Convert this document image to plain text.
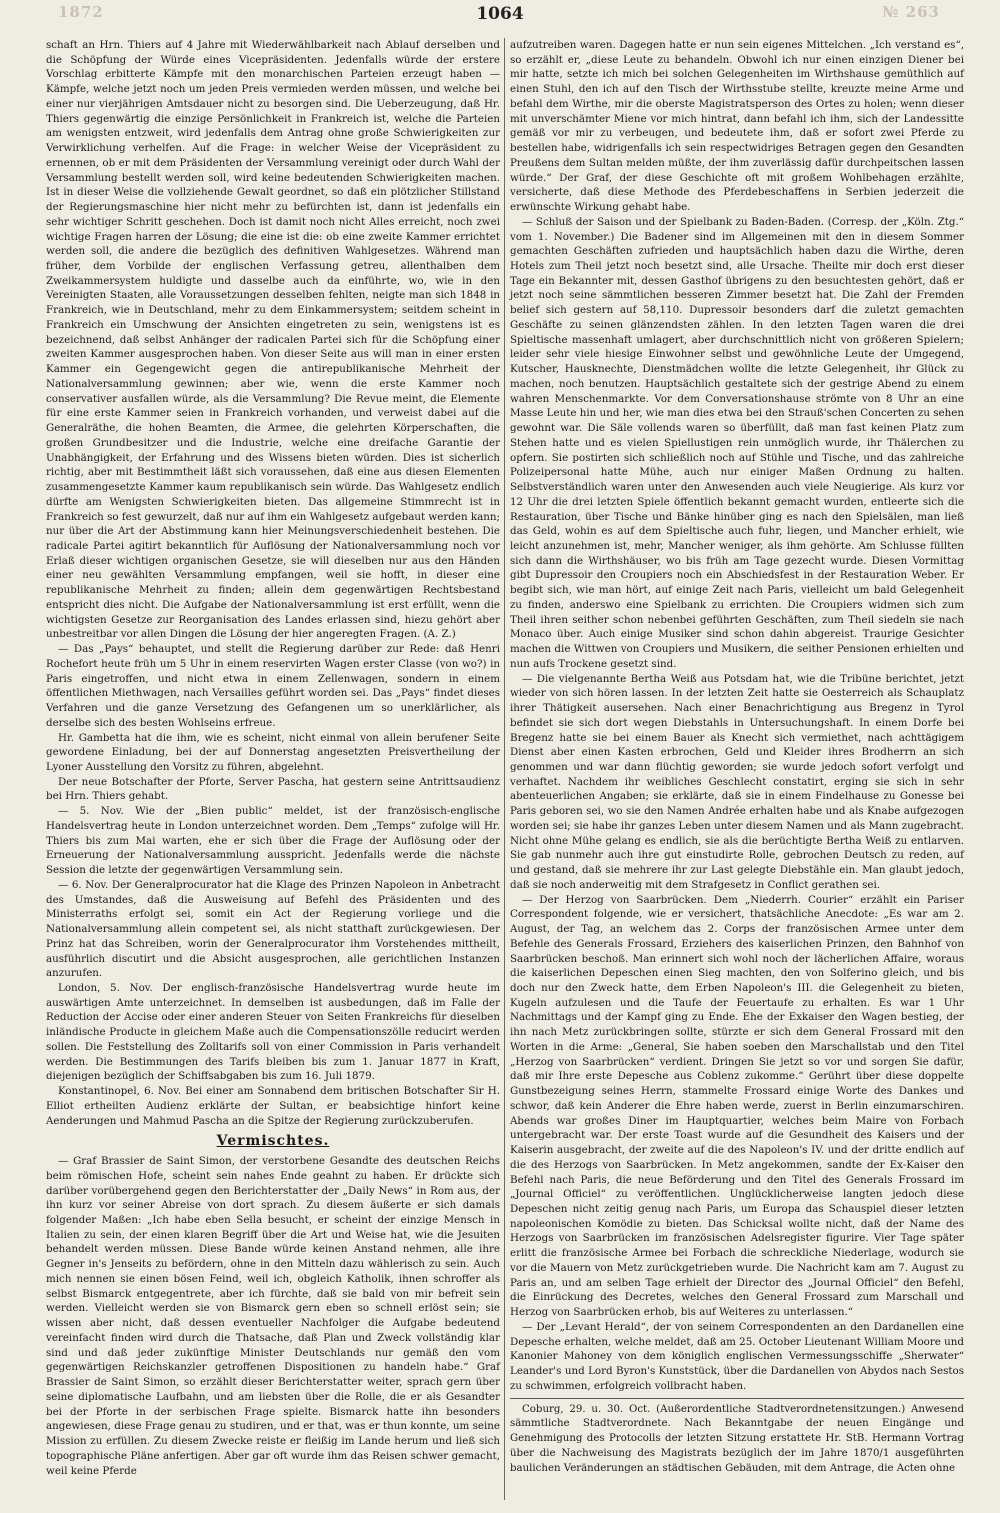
1872	1064	№ 263

schaft an Hrn. Thiers auf 4 Jahre mit Wiederwählbarkeit nach Ablauf derselben und die Schöpfung der Würde eines Vicepräsidenten. Jedenfalls würde der erstere Vorschlag erbitterte Kämpfe mit den monarchischen Parteien erzeugt haben — Kämpfe, welche jetzt noch um jeden Preis vermieden werden müssen, und welche bei einer nur vierjährigen Amtsdauer nicht zu besorgen sind. Die Ueberzeugung, daß Hr. Thiers gegenwärtig die einzige Persönlichkeit in Frankreich ist, welche die Parteien am wenigsten entzweit, wird jedenfalls dem Antrag ohne große Schwierigkeiten zur Verwirklichung verhelfen. Auf die Frage: in welcher Weise der Vicepräsident zu ernennen, ob er mit dem Präsidenten der Versammlung vereinigt oder durch Wahl der Versammlung bestellt werden soll, wird keine bedeutenden Schwierigkeiten machen. Ist in dieser Weise die vollziehende Gewalt geordnet, so daß ein plötzlicher Stillstand der Regierungsmaschine hier nicht mehr zu befürchten ist, dann ist jedenfalls ein sehr wichtiger Schritt geschehen. Doch ist damit noch nicht Alles erreicht, noch zwei wichtige Fragen harren der Lösung; die eine ist die: ob eine zweite Kammer errichtet werden soll, die andere die bezüglich des definitiven Wahlgesetzes. Während man früher, dem Vorbilde der englischen Verfassung getreu, allenthalben dem Zweikammersystem huldigte und dasselbe auch da einführte, wo, wie in den Vereinigten Staaten, alle Voraussetzungen desselben fehlten, neigte man sich 1848 in Frankreich, wie in Deutschland, mehr zu dem Einkammersystem; seitdem scheint in Frankreich ein Umschwung der Ansichten eingetreten zu sein, wenigstens ist es bezeichnend, daß selbst Anhänger der radicalen Partei sich für die Schöpfung einer zweiten Kammer ausgesprochen haben. Von dieser Seite aus will man in einer ersten Kammer ein Gegengewicht gegen die antirepublikanische Mehrheit der Nationalversammlung gewinnen; aber wie, wenn die erste Kammer noch conservativer ausfallen würde, als die Versammlung? Die Revue meint, die Elemente für eine erste Kammer seien in Frankreich vorhanden, und verweist dabei auf die Generalräthe, die hohen Beamten, die Armee, die gelehrten Körperschaften, die großen Grundbesitzer und die Industrie, welche eine dreifache Garantie der Unabhängigkeit, der Erfahrung und des Wissens bieten würden. Dies ist sicherlich richtig, aber mit Bestimmtheit läßt sich voraussehen, daß eine aus diesen Elementen zusammengesetzte Kammer kaum republikanisch sein würde. Das Wahlgesetz endlich dürfte am Wenigsten Schwierigkeiten bieten. Das allgemeine Stimmrecht ist in Frankreich so fest gewurzelt, daß nur auf ihm ein Wahlgesetz aufgebaut werden kann; nur über die Art der Abstimmung kann hier Meinungsverschiedenheit bestehen. Die radicale Partei agitirt bekanntlich für Auflösung der Nationalversammlung noch vor Erlaß dieser wichtigen organischen Gesetze, sie will dieselben nur aus den Händen einer neu gewählten Versammlung empfangen, weil sie hofft, in dieser eine republikanische Mehrheit zu finden; allein dem gegenwärtigen Rechtsbestand entspricht dies nicht. Die Aufgabe der Nationalversammlung ist erst erfüllt, wenn die wichtigsten Gesetze zur Reorganisation des Landes erlassen sind, hiezu gehört aber unbestreitbar vor allen Dingen die Lösung der hier angeregten Fragen. (A. Z.)

— Das „Pays“ behauptet, und stellt die Regierung darüber zur Rede: daß Henri Rochefort heute früh um 5 Uhr in einem reservirten Wagen erster Classe (von wo?) in Paris eingetroffen, und nicht etwa in einem Zellenwagen, sondern in einem öffentlichen Miethwagen, nach Versailles geführt worden sei. Das „Pays“ findet dieses Verfahren und die ganze Versetzung des Gefangenen um so unerklärlicher, als derselbe sich des besten Wohlseins erfreue.

Hr. Gambetta hat die ihm, wie es scheint, nicht einmal von allein berufener Seite gewordene Einladung, bei der auf Donnerstag angesetzten Preisvertheilung der Lyoner Ausstellung den Vorsitz zu führen, abgelehnt.

Der neue Botschafter der Pforte, Server Pascha, hat gestern seine Antrittsaudienz bei Hrn. Thiers gehabt.

— 5. Nov. Wie der „Bien public“ meldet, ist der französisch-englische Handelsvertrag heute in London unterzeichnet worden. Dem „Temps“ zufolge will Hr. Thiers bis zum Mai warten, ehe er sich über die Frage der Auflösung oder der Erneuerung der Nationalversammlung ausspricht. Jedenfalls werde die nächste Session die letzte der gegenwärtigen Versammlung sein.

— 6. Nov. Der Generalprocurator hat die Klage des Prinzen Napoleon in Anbetracht des Umstandes, daß die Ausweisung auf Befehl des Präsidenten und des Ministerraths erfolgt sei, somit ein Act der Regierung vorliege und die Nationalversammlung allein competent sei, als nicht statthaft zurückgewiesen. Der Prinz hat das Schreiben, worin der Generalprocurator ihm Vorstehendes mittheilt, ausführlich discutirt und die Absicht ausgesprochen, alle gerichtlichen Instanzen anzurufen.

London, 5. Nov. Der englisch-französische Handelsvertrag wurde heute im auswärtigen Amte unterzeichnet. In demselben ist ausbedungen, daß im Falle der Reduction der Accise oder einer anderen Steuer von Seiten Frankreichs für dieselben inländische Producte in gleichem Maße auch die Compensationszölle reducirt werden sollen. Die Feststellung des Zolltarifs soll von einer Commission in Paris verhandelt werden. Die Bestimmungen des Tarifs bleiben bis zum 1. Januar 1877 in Kraft, diejenigen bezüglich der Schiffsabgaben bis zum 16. Juli 1879.

Konstantinopel, 6. Nov. Bei einer am Sonnabend dem britischen Botschafter Sir H. Elliot ertheilten Audienz erklärte der Sultan, er beabsichtige hinfort keine Aenderungen und Mahmud Pascha an die Spitze der Regierung zurückzuberufen.

Vermischtes.

— Graf Brassier de Saint Simon, der verstorbene Gesandte des deutschen Reichs beim römischen Hofe, scheint sein nahes Ende geahnt zu haben. Er drückte sich darüber vorübergehend gegen den Berichterstatter der „Daily News“ in Rom aus, der ihn kurz vor seiner Abreise von dort sprach. Zu diesem äußerte er sich damals folgender Maßen: „Ich habe eben Sella besucht, er scheint der einzige Mensch in Italien zu sein, der einen klaren Begriff über die Art und Weise hat, wie die Jesuiten behandelt werden müssen. Diese Bande würde keinen Anstand nehmen, alle ihre Gegner in's Jenseits zu befördern, ohne in den Mitteln dazu wählerisch zu sein. Auch mich nennen sie einen bösen Feind, weil ich, obgleich Katholik, ihnen schroffer als selbst Bismarck entgegentrete, aber ich fürchte, daß sie bald von mir befreit sein werden. Vielleicht werden sie von Bismarck gern eben so schnell erlöst sein; sie wissen aber nicht, daß dessen eventueller Nachfolger die Aufgabe bedeutend vereinfacht finden wird durch die Thatsache, daß Plan und Zweck vollständig klar sind und daß jeder zukünftige Minister Deutschlands nur gemäß den vom gegenwärtigen Reichskanzler getroffenen Dispositionen zu handeln habe.“ Graf Brassier de Saint Simon, so erzählt dieser Berichterstatter weiter, sprach gern über seine diplomatische Laufbahn, und am liebsten über die Rolle, die er als Gesandter bei der Pforte in der serbischen Frage spielte. Bismarck hatte ihn besonders angewiesen, diese Frage genau zu studiren, und er that, was er thun konnte, um seine Mission zu erfüllen. Zu diesem Zwecke reiste er fleißig im Lande herum und ließ sich topographische Pläne anfertigen. Aber gar oft wurde ihm das Reisen schwer gemacht, weil keine Pferde

aufzutreiben waren. Dagegen hatte er nun sein eigenes Mittelchen. „Ich verstand es“, so erzählt er, „diese Leute zu behandeln. Obwohl ich nur einen einzigen Diener bei mir hatte, setzte ich mich bei solchen Gelegenheiten im Wirthshause gemüthlich auf einen Stuhl, den ich auf den Tisch der Wirthsstube stellte, kreuzte meine Arme und befahl dem Wirthe, mir die oberste Magistratsperson des Ortes zu holen; wenn dieser mit unverschämter Miene vor mich hintrat, dann befahl ich ihm, sich der Landessitte gemäß vor mir zu verbeugen, und bedeutete ihm, daß er sofort zwei Pferde zu bestellen habe, widrigenfalls ich sein respectwidriges Betragen gegen den Gesandten Preußens dem Sultan melden müßte, der ihm zuverlässig dafür durchpeitschen lassen würde.“ Der Graf, der diese Geschichte oft mit großem Wohlbehagen erzählte, versicherte, daß diese Methode des Pferdebeschaffens in Serbien jederzeit die erwünschte Wirkung gehabt habe.

— Schluß der Saison und der Spielbank zu Baden-Baden. (Corresp. der „Köln. Ztg.“ vom 1. November.) Die Badener sind im Allgemeinen mit den in diesem Sommer gemachten Geschäften zufrieden und hauptsächlich haben dazu die Wirthe, deren Hotels zum Theil jetzt noch besetzt sind, alle Ursache. Theilte mir doch erst dieser Tage ein Bekannter mit, dessen Gasthof übrigens zu den besuchtesten gehört, daß er jetzt noch seine sämmtlichen besseren Zimmer besetzt hat. Die Zahl der Fremden belief sich gestern auf 58,110. Dupressoir besonders darf die zuletzt gemachten Geschäfte zu seinen glänzendsten zählen. In den letzten Tagen waren die drei Spieltische massenhaft umlagert, aber durchschnittlich nicht von größeren Spielern; leider sehr viele hiesige Einwohner selbst und gewöhnliche Leute der Umgegend, Kutscher, Hausknechte, Dienstmädchen wollte die letzte Gelegenheit, ihr Glück zu machen, noch benutzen. Hauptsächlich gestaltete sich der gestrige Abend zu einem wahren Menschenmarkte. Vor dem Conversationshause strömte von 8 Uhr an eine Masse Leute hin und her, wie man dies etwa bei den Strauß'schen Concerten zu sehen gewohnt war. Die Säle vollends waren so überfüllt, daß man fast keinen Platz zum Stehen hatte und es vielen Spiellustigen rein unmöglich wurde, ihr Thälerchen zu opfern. Sie postirten sich schließlich noch auf Stühle und Tische, und das zahlreiche Polizeipersonal hatte Mühe, auch nur einiger Maßen Ordnung zu halten. Selbstverständlich waren unter den Anwesenden auch viele Neugierige. Als kurz vor 12 Uhr die drei letzten Spiele öffentlich bekannt gemacht wurden, entleerte sich die Restauration, über Tische und Bänke hinüber ging es nach den Spielsälen, man ließ das Geld, wohin es auf dem Spieltische auch fuhr, liegen, und Mancher erhielt, wie leicht anzunehmen ist, mehr, Mancher weniger, als ihm gehörte. Am Schlusse füllten sich dann die Wirthshäuser, wo bis früh am Tage gezecht wurde. Diesen Vormittag gibt Dupressoir den Croupiers noch ein Abschiedsfest in der Restauration Weber. Er begibt sich, wie man hört, auf einige Zeit nach Paris, vielleicht um bald Gelegenheit zu finden, anderswo eine Spielbank zu errichten. Die Croupiers widmen sich zum Theil ihren seither schon nebenbei geführten Geschäften, zum Theil siedeln sie nach Monaco über. Auch einige Musiker sind schon dahin abgereist. Traurige Gesichter machen die Wittwen von Croupiers und Musikern, die seither Pensionen erhielten und nun aufs Trockene gesetzt sind.

— Die vielgenannte Bertha Weiß aus Potsdam hat, wie die Tribüne berichtet, jetzt wieder von sich hören lassen. In der letzten Zeit hatte sie Oesterreich als Schauplatz ihrer Thätigkeit ausersehen. Nach einer Benachrichtigung aus Bregenz in Tyrol befindet sie sich dort wegen Diebstahls in Untersuchungshaft. In einem Dorfe bei Bregenz hatte sie bei einem Bauer als Knecht sich vermiethet, nach achttägigem Dienst aber einen Kasten erbrochen, Geld und Kleider ihres Brodherrn an sich genommen und war dann flüchtig geworden; sie wurde jedoch sofort verfolgt und verhaftet. Nachdem ihr weibliches Geschlecht constatirt, erging sie sich in sehr abenteuerlichen Angaben; sie erklärte, daß sie in einem Findelhause zu Gonesse bei Paris geboren sei, wo sie den Namen Andrée erhalten habe und als Knabe aufgezogen worden sei; sie habe ihr ganzes Leben unter diesem Namen und als Mann zugebracht. Nicht ohne Mühe gelang es endlich, sie als die berüchtigte Bertha Weiß zu entlarven. Sie gab nunmehr auch ihre gut einstudirte Rolle, gebrochen Deutsch zu reden, auf und gestand, daß sie mehrere ihr zur Last gelegte Diebstähle ein. Man glaubt jedoch, daß sie noch anderweitig mit dem Strafgesetz in Conflict gerathen sei.

— Der Herzog von Saarbrücken. Dem „Niederrh. Courier“ erzählt ein Pariser Correspondent folgende, wie er versichert, thatsächliche Anecdote: „Es war am 2. August, der Tag, an welchem das 2. Corps der französischen Armee unter dem Befehle des Generals Frossard, Erziehers des kaiserlichen Prinzen, den Bahnhof von Saarbrücken beschoß. Man erinnert sich wohl noch der lächerlichen Affaire, woraus die kaiserlichen Depeschen einen Sieg machten, den von Solferino gleich, und bis doch nur den Zweck hatte, dem Erben Napoleon's III. die Gelegenheit zu bieten, Kugeln aufzulesen und die Taufe der Feuertaufe zu erhalten. Es war 1 Uhr Nachmittags und der Kampf ging zu Ende. Ehe der Exkaiser den Wagen bestieg, der ihn nach Metz zurückbringen sollte, stürzte er sich dem General Frossard mit den Worten in die Arme: „General, Sie haben soeben den Marschallstab und den Titel „Herzog von Saarbrücken“ verdient. Dringen Sie jetzt so vor und sorgen Sie dafür, daß mir Ihre erste Depesche aus Coblenz zukomme.“ Gerührt über diese doppelte Gunstbezeigung seines Herrn, stammelte Frossard einige Worte des Dankes und schwor, daß kein Anderer die Ehre haben werde, zuerst in Berlin einzumarschiren. Abends war großes Diner im Hauptquartier, welches beim Maire von Forbach untergebracht war. Der erste Toast wurde auf die Gesundheit des Kaisers und der Kaiserin ausgebracht, der zweite auf die des Napoleon's IV. und der dritte endlich auf die des Herzogs von Saarbrücken. In Metz angekommen, sandte der Ex-Kaiser den Befehl nach Paris, die neue Beförderung und den Titel des Generals Frossard im „Journal Officiel“ zu veröffentlichen. Unglücklicherweise langten jedoch diese Depeschen nicht zeitig genug nach Paris, um Europa das Schauspiel dieser letzten napoleonischen Komödie zu bieten. Das Schicksal wollte nicht, daß der Name des Herzogs von Saarbrücken im französischen Adelsregister figurire. Vier Tage später erlitt die französische Armee bei Forbach die schreckliche Niederlage, wodurch sie vor die Mauern von Metz zurückgetrieben wurde. Die Nachricht kam am 7. August zu Paris an, und am selben Tage erhielt der Director des „Journal Officiel“ den Befehl, die Einrückung des Decretes, welches den General Frossard zum Marschall und Herzog von Saarbrücken erhob, bis auf Weiteres zu unterlassen.“

— Der „Levant Herald“, der von seinem Correspondenten an den Dardanellen eine Depesche erhalten, welche meldet, daß am 25. October Lieutenant William Moore und Kanonier Mahoney von dem königlich englischen Vermessungsschiffe „Sherwater“ Leander's und Lord Byron's Kunststück, über die Dardanellen von Abydos nach Sestos zu schwimmen, erfolgreich vollbracht haben.

Coburg, 29. u. 30. Oct. (Außerordentliche Stadtverordnetensitzungen.) Anwesend sämmtliche Stadtverordnete. Nach Bekanntgabe der neuen Eingänge und Genehmigung des Protocolls der letzten Sitzung erstattete Hr. StB. Hermann Vortrag über die Nachweisung des Magistrats bezüglich der im Jahre 1870/1 ausgeführten baulichen Veränderungen an städtischen Gebäuden, mit dem Antrage, die Acten ohne
